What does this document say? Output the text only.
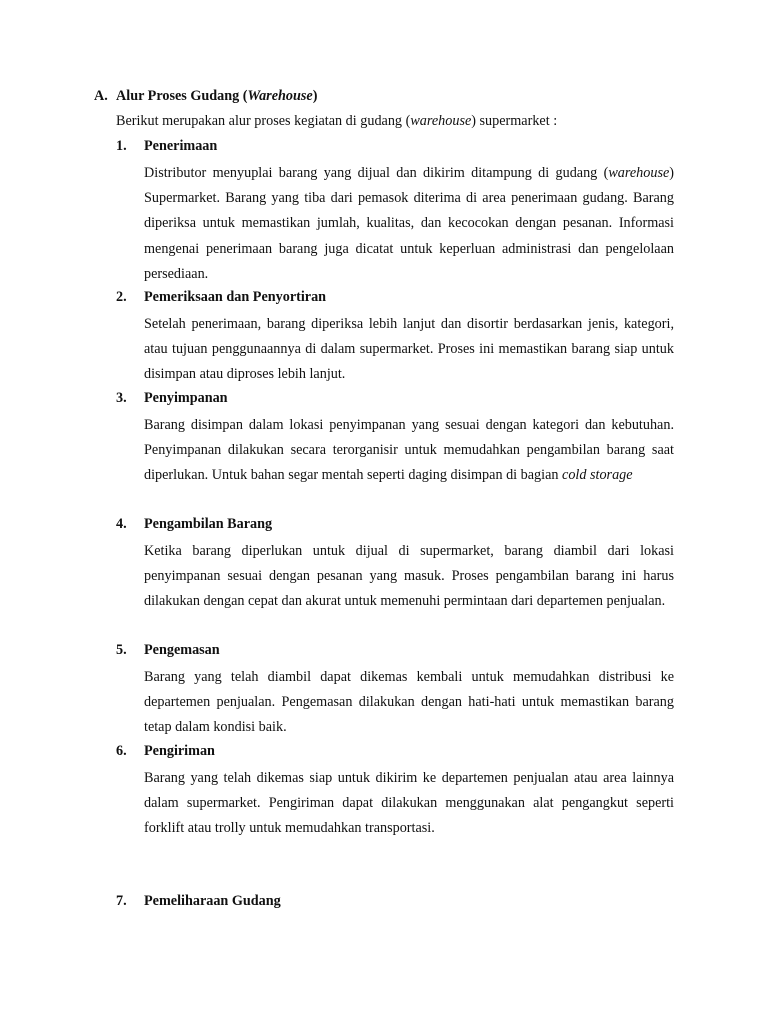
A. Alur Proses Gudang (Warehouse)
Berikut merupakan alur proses kegiatan di gudang (warehouse) supermarket :
1. Penerimaan
Distributor menyuplai barang yang dijual dan dikirim ditampung di gudang (warehouse) Supermarket. Barang yang tiba dari pemasok diterima di area penerimaan gudang. Barang diperiksa untuk memastikan jumlah, kualitas, dan kecocokan dengan pesanan. Informasi mengenai penerimaan barang juga dicatat untuk keperluan administrasi dan pengelolaan persediaan.
2. Pemeriksaan dan Penyortiran
Setelah penerimaan, barang diperiksa lebih lanjut dan disortir berdasarkan jenis, kategori, atau tujuan penggunaannya di dalam supermarket. Proses ini memastikan barang siap untuk disimpan atau diproses lebih lanjut.
3. Penyimpanan
Barang disimpan dalam lokasi penyimpanan yang sesuai dengan kategori dan kebutuhan. Penyimpanan dilakukan secara terorganisir untuk memudahkan pengambilan barang saat diperlukan. Untuk bahan segar mentah seperti daging disimpan di bagian cold storage
4. Pengambilan Barang
Ketika barang diperlukan untuk dijual di supermarket, barang diambil dari lokasi penyimpanan sesuai dengan pesanan yang masuk. Proses pengambilan barang ini harus dilakukan dengan cepat dan akurat untuk memenuhi permintaan dari departemen penjualan.
5. Pengemasan
Barang yang telah diambil dapat dikemas kembali untuk memudahkan distribusi ke departemen penjualan. Pengemasan dilakukan dengan hati-hati untuk memastikan barang tetap dalam kondisi baik.
6. Pengiriman
Barang yang telah dikemas siap untuk dikirim ke departemen penjualan atau area lainnya dalam supermarket. Pengiriman dapat dilakukan menggunakan alat pengangkut seperti forklift atau trolly untuk memudahkan transportasi.
7. Pemeliharaan Gudang
